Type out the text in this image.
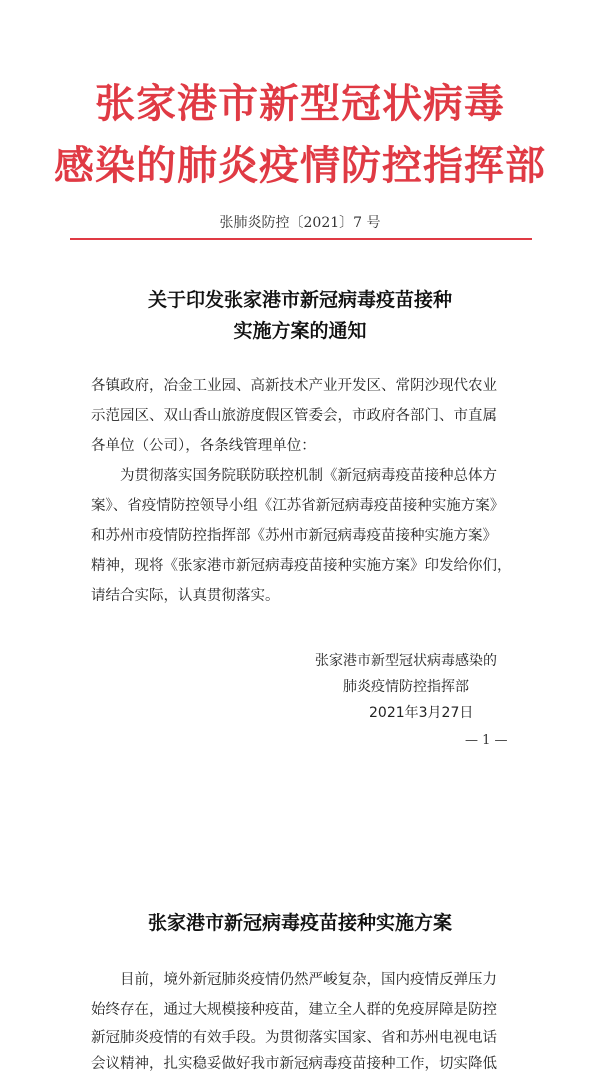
张家港市新型冠状病毒
感染的肺炎疫情防控指挥部
张肺炎防控〔2021〕7 号
关于印发张家港市新冠病毒疫苗接种
实施方案的通知
各镇政府，冶金工业园、高新技术产业开发区、常阴沙现代农业
示范园区、双山香山旅游度假区管委会，市政府各部门、市直属
各单位（公司），各条线管理单位：
　　为贯彻落实国务院联防联控机制《新冠病毒疫苗接种总体方
案》、省疫情防控领导小组《江苏省新冠病毒疫苗接种实施方案》
和苏州市疫情防控指挥部《苏州市新冠病毒疫苗接种实施方案》
精神，现将《张家港市新冠病毒疫苗接种实施方案》印发给你们，
请结合实际，认真贯彻落实。
张家港市新型冠状病毒感染的
肺炎疫情防控指挥部
2021年3月27日
— 1 —
张家港市新冠病毒疫苗接种实施方案
　　目前，境外新冠肺炎疫情仍然严峻复杂，国内疫情反弹压力
始终存在，通过大规模接种疫苗，建立全人群的免疫屏障是防控
新冠肺炎疫情的有效手段。为贯彻落实国家、省和苏州电视电话
会议精神，扎实稳妥做好我市新冠病毒疫苗接种工作，切实降低
